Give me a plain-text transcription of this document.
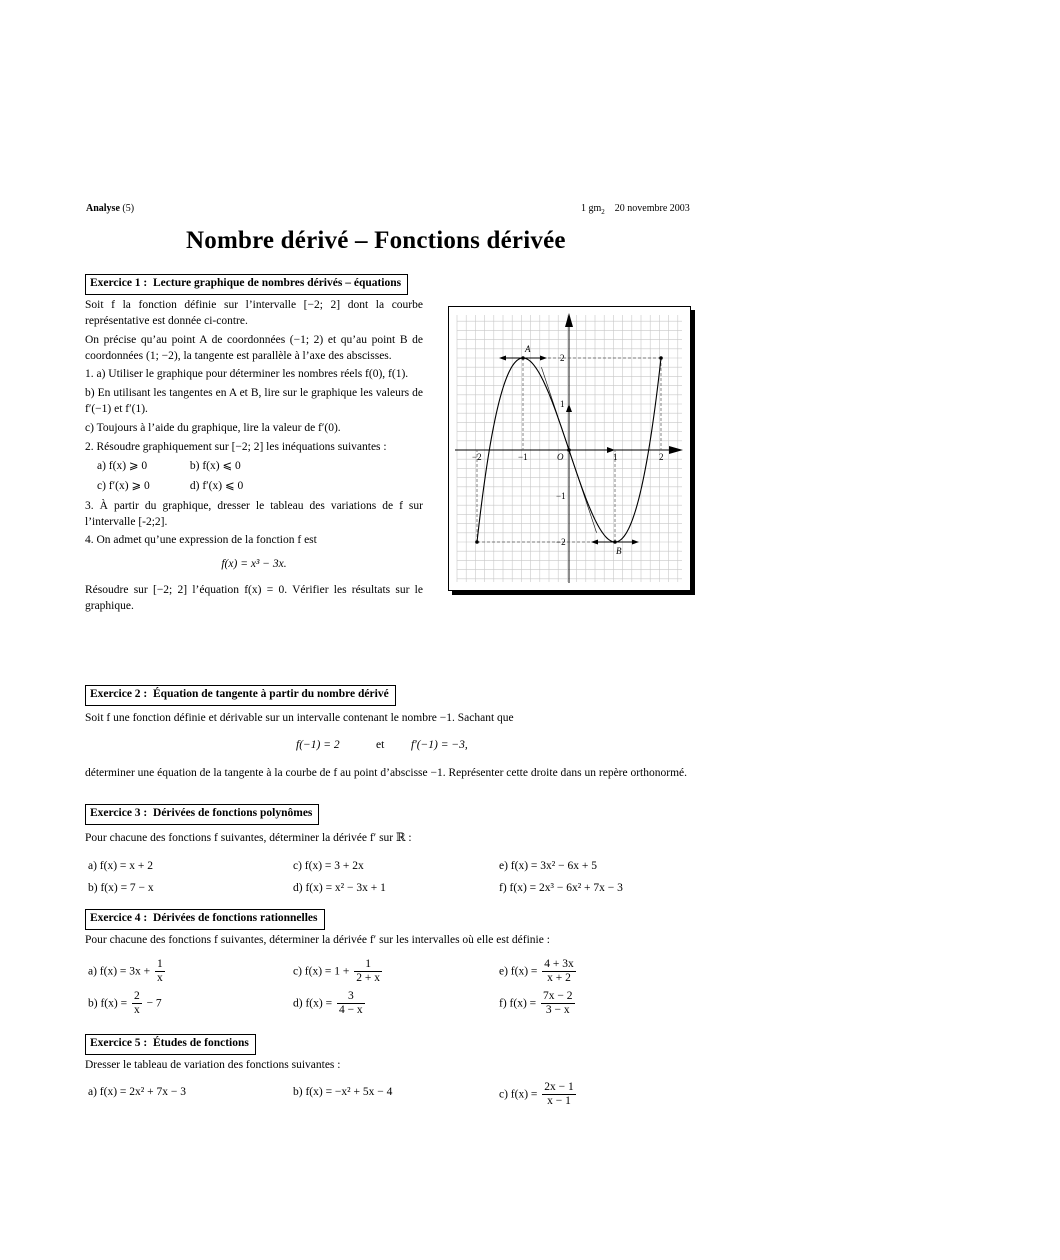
Analyse (5)	1 $gm_2$ 20 novembre 2003
Nombre dérivé – Fonctions dérivée
Exercice 1 : Lecture graphique de nombres dérivés – équations

Soit f la fonction définie sur l’intervalle [−2; 2] dont la courbe représentative est donnée ci-contre.

On précise qu’au point A de coordonnées (−1; 2) et qu’au point B de coordonnées (1; −2), la tangente est parallèle à l’axe des abscisses.

1. a) Utiliser le graphique pour déterminer les nombres réels f(0), f(1).

b) En utilisant les tangentes en A et B, lire sur le graphique les valeurs de f′(−1) et f′(1).

c) Toujours à l’aide du graphique, lire la valeur de f′(0).

2. Résoudre graphiquement sur [−2; 2] les inéquations suivantes :

a) f(x) ⩾ 0	b) f(x) ⩽ 0
c) f′(x) ⩾ 0	d) f′(x) ⩽ 0

3. À partir du graphique, dresser le tableau des variations de f sur l’intervalle [-2;2].

4. On admet qu’une expression de la fonction f est

f(x) = x³ − 3x.

Résoudre sur [−2; 2] l’équation f(x) = 0. Vérifier les résultats sur le graphique.

A
B
O
−2	−1	1	2
2
1
−1
−2
Exercice 2 : Équation de tangente à partir du nombre dérivé
Soit f une fonction définie et dérivable sur un intervalle contenant le nombre −1. Sachant que
f(−1) = 2	et f′(−1) = −3,
déterminer une équation de la tangente à la courbe de f au point d’abscisse −1. Représenter cette droite dans un repère orthonormé.
Exercice 3 : Dérivées de fonctions polynômes
Pour chacune des fonctions f suivantes, déterminer la dérivée f′ sur ℝ :
a) f(x) = x + 2	c) f(x) = 3 + 2x	e) f(x) = 3x² − 6x + 5
b) f(x) = 7 − x	d) f(x) = x² − 3x + 1	f) f(x) = 2x³ − 6x² + 7x − 3
Exercice 4 : Dérivées de fonctions rationnelles
Pour chacune des fonctions f suivantes, déterminer la dérivée f′ sur les intervalles où elle est définie :
a) $f(x) = 3x + \frac{1}{x}$	c) $f(x) = 1 + \frac{1}{2 + x}$	e) $f(x) = \frac{4 + 3x}{x + 2}$
b) $f(x) = \frac{2}{x} - 7$	d) $f(x) = \frac{3}{4 - x}$	f) $f(x) = \frac{7x - 2}{3 - x}$
Exercice 5 : Études de fonctions
Dresser le tableau de variation des fonctions suivantes :
a) f(x) = 2x² + 7x − 3	b) f(x) = −x² + 5x − 4	c) $f(x) = \frac{2x - 1}{x - 1}$
